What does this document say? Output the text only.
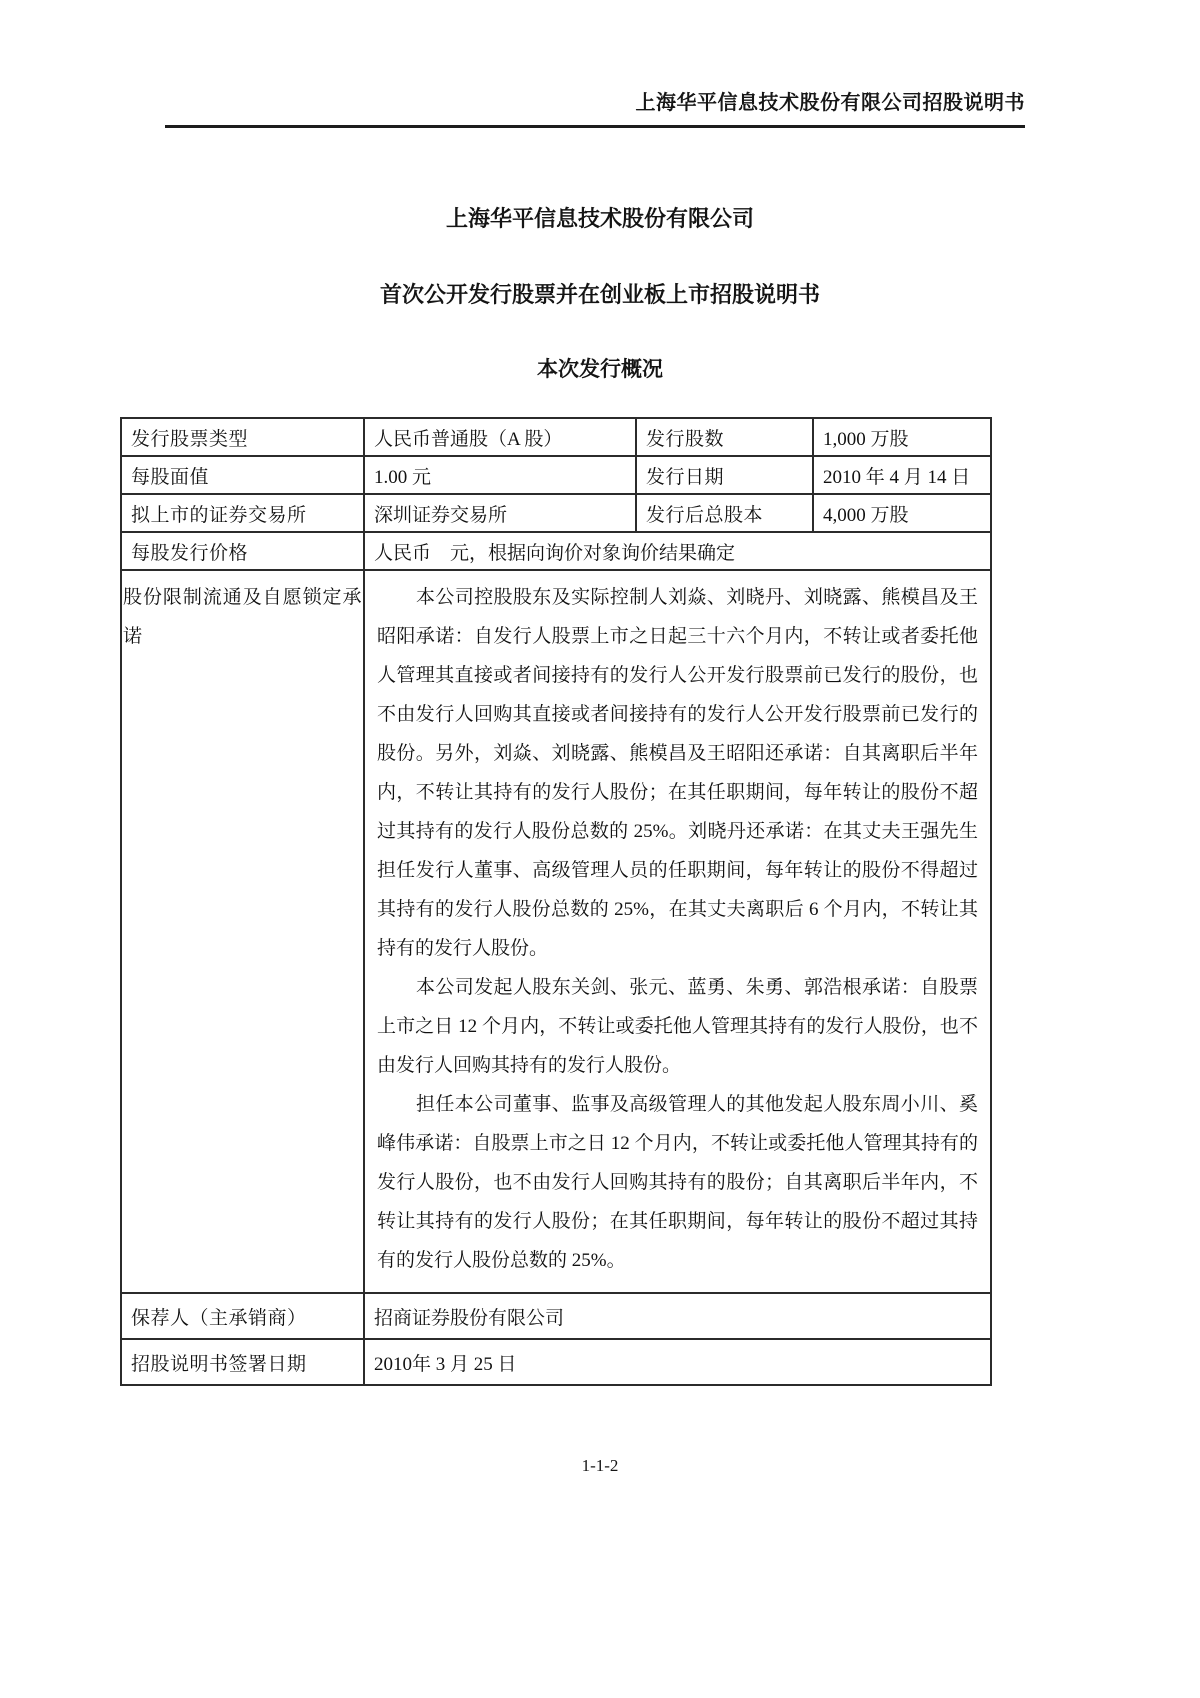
上海华平信息技术股份有限公司招股说明书
上海华平信息技术股份有限公司
首次公开发行股票并在创业板上市招股说明书
本次发行概况
发行股票类型	人民币普通股（A 股）	发行股数	1,000 万股
每股面值	1.00 元	发行日期	2010 年 4 月 14 日
拟上市的证券交易所	深圳证券交易所	发行后总股本	4,000 万股
每股发行价格	人民币　元，根据向询价对象询价结果确定		
股份限制流通及自愿锁定承诺	本公司控股股东及实际控制人刘焱、刘晓丹、刘晓露、熊模昌及王昭阳承诺：自发行人股票上市之日起三十六个月内，不转让或者委托他人管理其直接或者间接持有的发行人公开发行股票前已发行的股份，也不由发行人回购其直接或者间接持有的发行人公开发行股票前已发行的股份。另外，刘焱、刘晓露、熊模昌及王昭阳还承诺：自其离职后半年内，不转让其持有的发行人股份；在其任职期间，每年转让的股份不超过其持有的发行人股份总数的 25%。刘晓丹还承诺：在其丈夫王强先生担任发行人董事、高级管理人员的任职期间，每年转让的股份不得超过其持有的发行人股份总数的 25%，在其丈夫离职后 6 个月内，不转让其持有的发行人股份。

本公司发起人股东关剑、张元、蓝勇、朱勇、郭浩根承诺：自股票上市之日 12 个月内，不转让或委托他人管理其持有的发行人股份，也不由发行人回购其持有的发行人股份。

担任本公司董事、监事及高级管理人的其他发起人股东周小川、奚峰伟承诺：自股票上市之日 12 个月内，不转让或委托他人管理其持有的发行人股份，也不由发行人回购其持有的股份；自其离职后半年内，不转让其持有的发行人股份；在其任职期间，每年转让的股份不超过其持有的发行人股份总数的 25%。		

保荐人（主承销商）	招商证券股份有限公司		
招股说明书签署日期	2010年 3 月 25 日		
1-1-2
